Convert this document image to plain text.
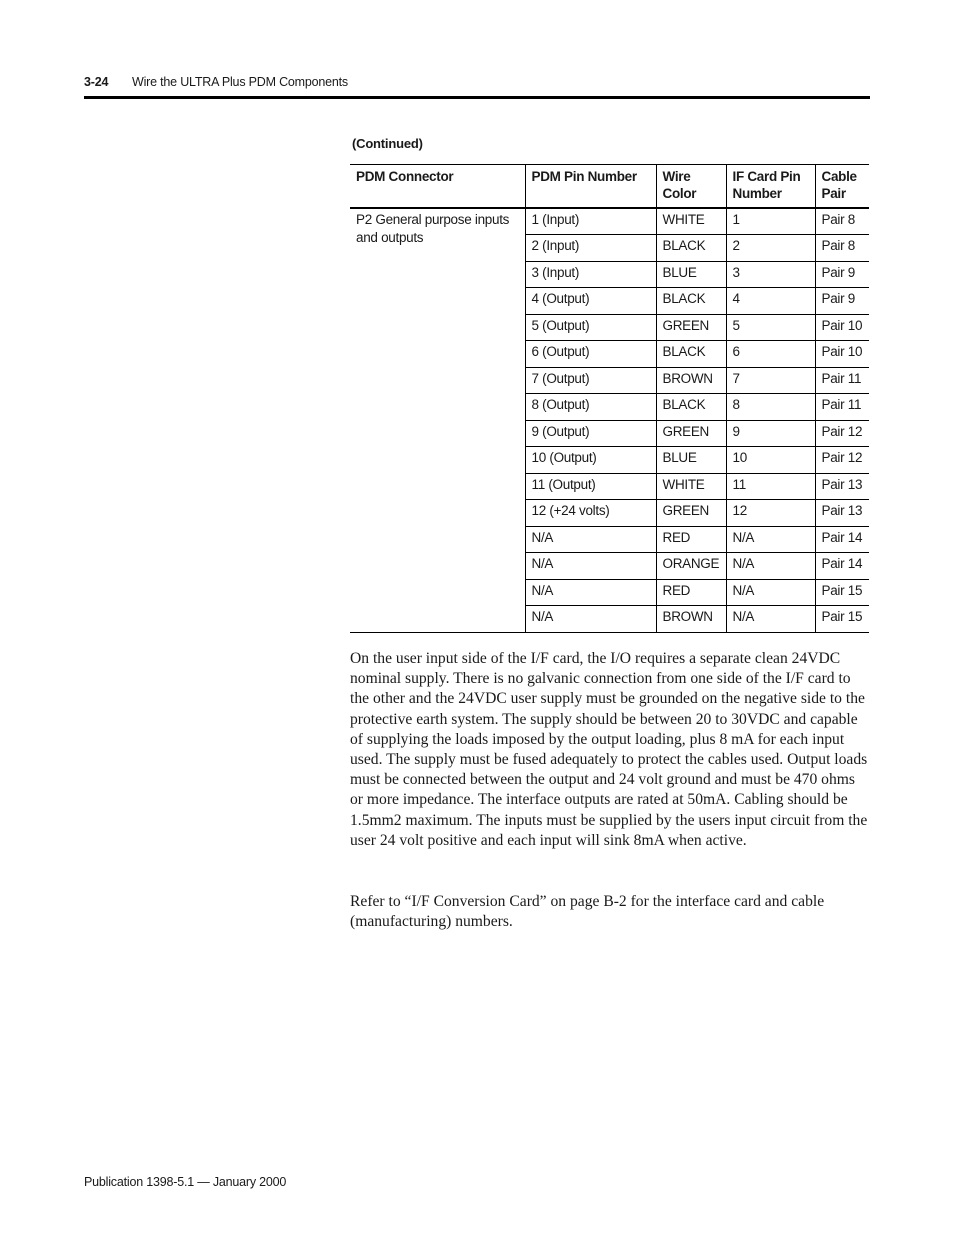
3-24 Wire the ULTRA Plus PDM Components
(Continued)
PDM Connector	PDM Pin Number	Wire Color	IF Card Pin Number	Cable Pair
P2 General purpose inputs and outputs	1 (Input)	WHITE	1	Pair 8
	2 (Input)	BLACK	2	Pair 8
	3 (Input)	BLUE	3	Pair 9
	4 (Output)	BLACK	4	Pair 9
	5 (Output)	GREEN	5	Pair 10
	6 (Output)	BLACK	6	Pair 10
	7 (Output)	BROWN	7	Pair 11
	8 (Output)	BLACK	8	Pair 11
	9 (Output)	GREEN	9	Pair 12
	10 (Output)	BLUE	10	Pair 12
	11 (Output)	WHITE	11	Pair 13
	12 (+24 volts)	GREEN	12	Pair 13
	N/A	RED	N/A	Pair 14
	N/A	ORANGE	N/A	Pair 14
	N/A	RED	N/A	Pair 15
	N/A	BROWN	N/A	Pair 15

On the user input side of the I/F card, the I/O requires a separate clean 24VDC nominal supply. There is no galvanic connection from one side of the I/F card to the other and the 24VDC user supply must be grounded on the negative side to the protective earth system. The supply should be between 20 to 30VDC and capable of supplying the loads imposed by the output loading, plus 8 mA for each input used. The supply must be fused adequately to protect the cables used. Output loads must be connected between the output and 24 volt ground and must be 470 ohms or more impedance. The interface outputs are rated at 50mA. Cabling should be 1.5mm2 maximum. The inputs must be supplied by the users input circuit from the user 24 volt positive and each input will sink 8mA when active.

Refer to “I/F Conversion Card” on page B-2 for the interface card and cable (manufacturing) numbers.

Publication 1398-5.1 — January 2000
